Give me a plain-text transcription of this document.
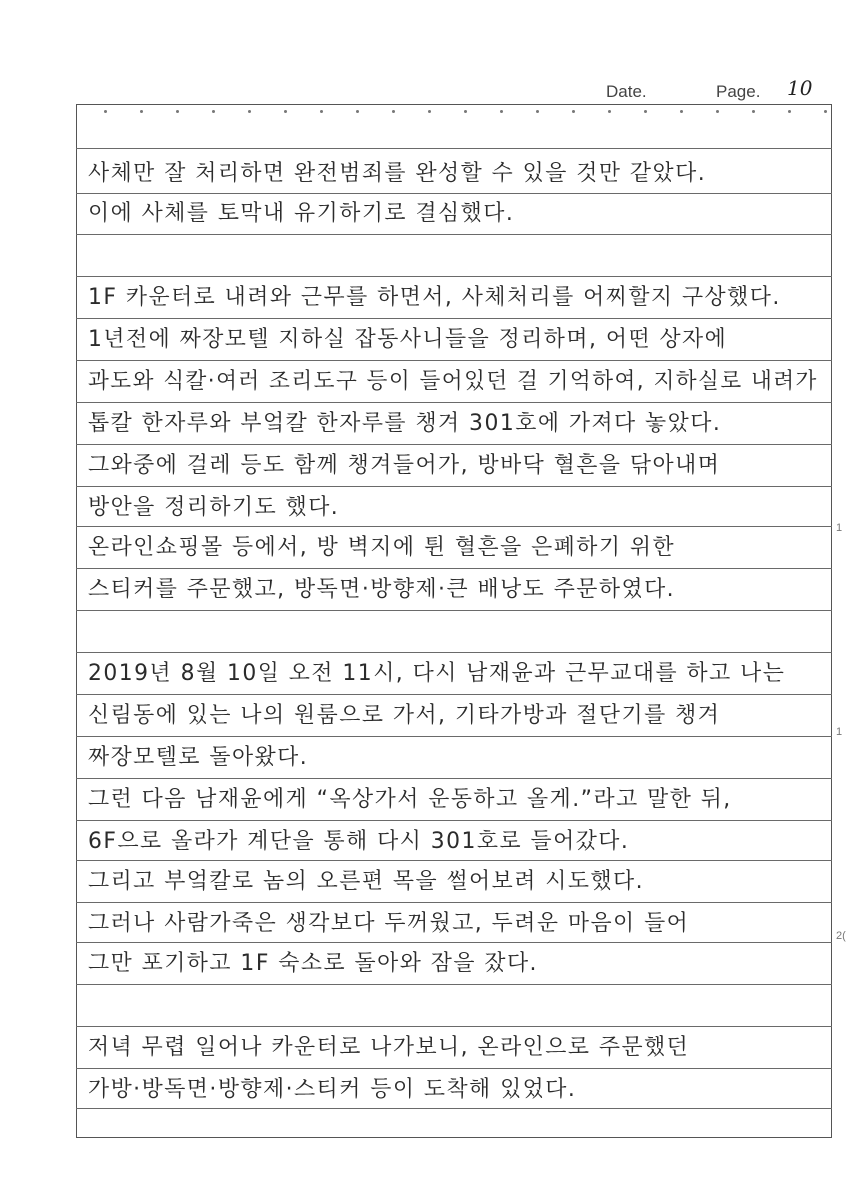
Date.	Page. 10
사체만 잘 처리하면 완전범죄를 완성할 수 있을 것만 같았다.
이에 사체를 토막내 유기하기로 결심했다.
1F 카운터로 내려와 근무를 하면서, 사체처리를 어찌할지 구상했다.
1년전에 짜장모텔 지하실 잡동사니들을 정리하며, 어떤 상자에
과도와 식칼·여러 조리도구 등이 들어있던 걸 기억하여, 지하실로 내려가
톱칼 한자루와 부엌칼 한자루를 챙겨 301호에 가져다 놓았다.
그와중에 걸레 등도 함께 챙겨들어가, 방바닥 혈흔을 닦아내며
방안을 정리하기도 했다.
온라인쇼핑몰 등에서, 방 벽지에 튄 혈흔을 은폐하기 위한
스티커를 주문했고, 방독면·방향제·큰 배낭도 주문하였다.
2019년 8월 10일 오전 11시, 다시 남재윤과 근무교대를 하고 나는
신림동에 있는 나의 원룸으로 가서, 기타가방과 절단기를 챙겨
짜장모텔로 돌아왔다.
그런 다음 남재윤에게 “옥상가서 운동하고 올게.”라고 말한 뒤,
6F으로 올라가 계단을 통해 다시 301호로 들어갔다.
그리고 부엌칼로 놈의 오른편 목을 썰어보려 시도했다.
그러나 사람가죽은 생각보다 두꺼웠고, 두려운 마음이 들어
그만 포기하고 1F 숙소로 돌아와 잠을 잤다.
저녁 무렵 일어나 카운터로 나가보니, 온라인으로 주문했던
가방·방독면·방향제·스티커 등이 도착해 있었다.
1
1
2(
